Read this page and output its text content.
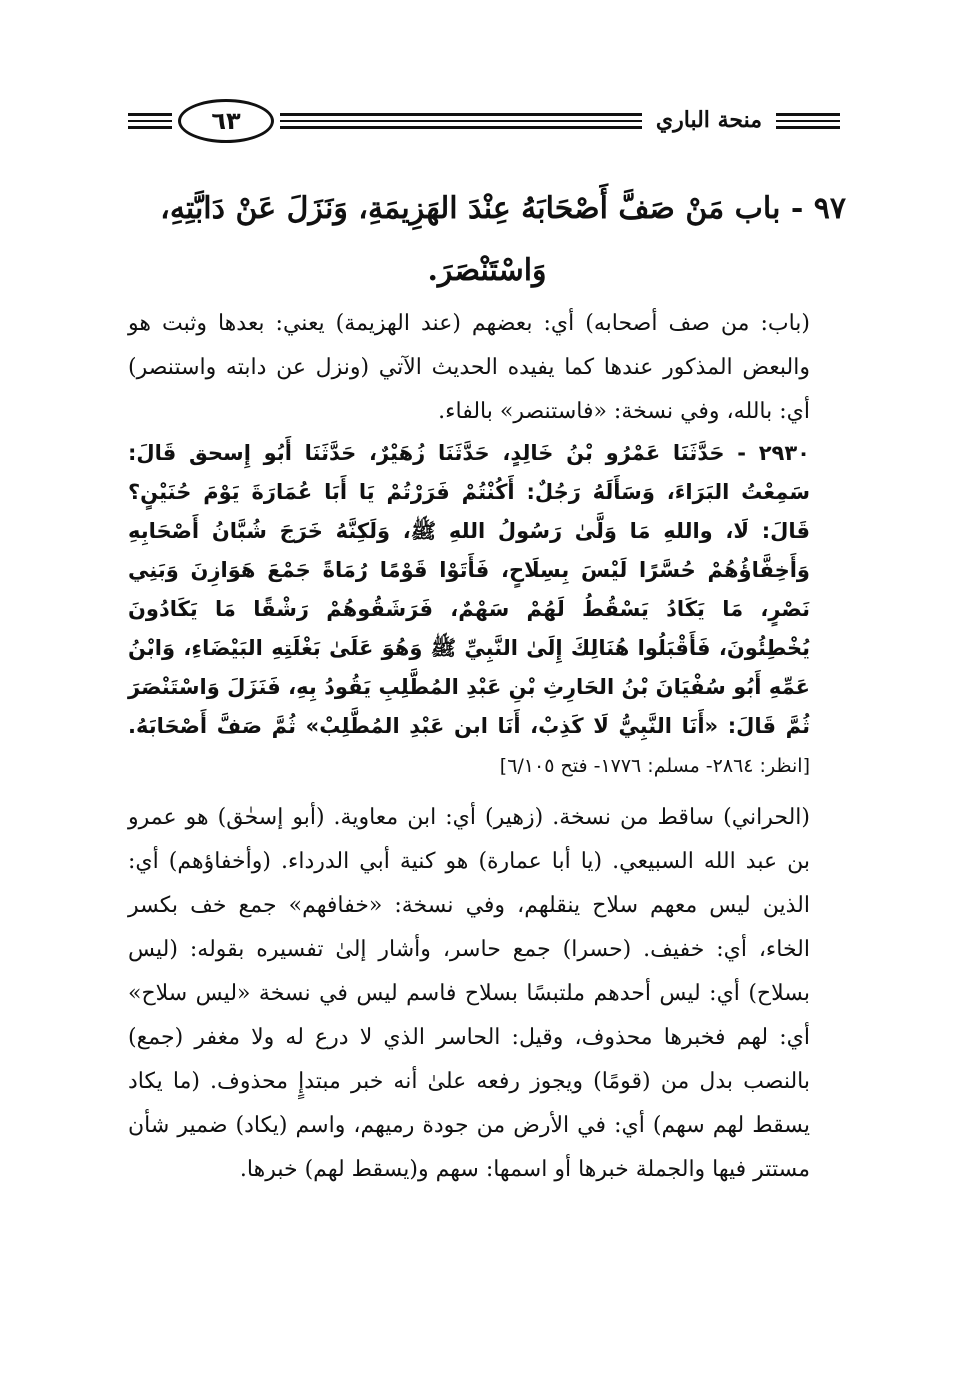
منحة الباري
٦٣
٩٧ - باب مَنْ صَفَّ أَصْحَابَهُ عِنْدَ الهَزِيمَةِ، وَنَزَلَ عَنْ دَابَّتِهِ،
وَاسْتَنْصَرَ.

(باب: من صف أصحابه) أي: بعضهم (عند الهزيمة) يعني: بعدها وثبت هو والبعض المذكور عندها كما يفيده الحديث الآتي (ونزل عن دابته واستنصر) أي: بالله، وفي نسخة: «فاستنصر» بالفاء.

٢٩٣٠ - حَدَّثَنَا عَمْرُو بْنُ خَالِدٍ، حَدَّثَنَا زُهَيْرٌ، حَدَّثَنَا أَبُو إِسحق قَالَ: سَمِعْتُ البَرَاءَ، وَسَأَلَهُ رَجُلٌ: أَكُنْتُمْ فَرَرْتُمْ يَا أَبَا عُمَارَةَ يَوْمَ حُنَيْنٍ؟ قَالَ: لَا، واللهِ مَا وَلَّىٰ رَسُولُ اللهِ ﷺ، وَلَكِنَّهُ خَرَجَ شُبَّانُ أَصْحَابِهِ وَأَخِفَّاؤُهُمْ حُسَّرًا لَيْسَ بِسِلَاحٍ، فَأَتَوْا قَوْمًا رُمَاةً جَمْعَ هَوَازِنَ وَبَنِي نَصْرٍ، مَا يَكَادُ يَسْقُطُ لَهُمْ سَهْمٌ، فَرَشَقُوهُمْ رَشْقًا مَا يَكَادُونَ يُخْطِئُونَ، فَأَقْبَلُوا هُنَالِكَ إِلَىٰ النَّبِيِّ ﷺ وَهُوَ عَلَىٰ بَغْلَتِهِ البَيْضَاءِ، وَابْنُ عَمِّهِ أَبُو سُفْيَانَ بْنُ الحَارِثِ بْنِ عَبْدِ المُطَّلِبِ يَقُودُ بِهِ، فَنَزَلَ وَاسْتَنْصَرَ ثُمَّ قَالَ: «أَنَا النَّبِيُّ لَا كَذِبْ، أَنَا ابن عَبْدِ المُطَّلِبْ» ثُمَّ صَفَّ أَصْحَابَهُ. [انظر: ٢٨٦٤- مسلم: ١٧٧٦- فتح ٦/١٠٥]

(الحراني) ساقط من نسخة. (زهير) أي: ابن معاوية. (أبو إسحٰق) هو عمرو بن عبد الله السبيعي. (يا أبا عمارة) هو كنية أبي الدرداء. (وأخفاؤهم) أي: الذين ليس معهم سلاح ينقلهم، وفي نسخة: «خفافهم» جمع خف بكسر الخاء، أي: خفيف. (حسرا) جمع حاسر، وأشار إلىٰ تفسيره بقوله: (ليس بسلاح) أي: ليس أحدهم ملتبسًا بسلاح فاسم ليس في نسخة «ليس سلاح» أي: لهم فخبرها محذوف، وقيل: الحاسر الذي لا درع له ولا مغفر (جمع) بالنصب بدل من (قومًا) ويجوز رفعه علىٰ أنه خبر مبتدإٍ محذوف. (ما يكاد يسقط لهم سهم) أي: في الأرض من جودة رميهم، واسم (يكاد) ضمير شأن مستتر فيها والجملة خبرها أو اسمها: سهم و(يسقط لهم) خبرها.
